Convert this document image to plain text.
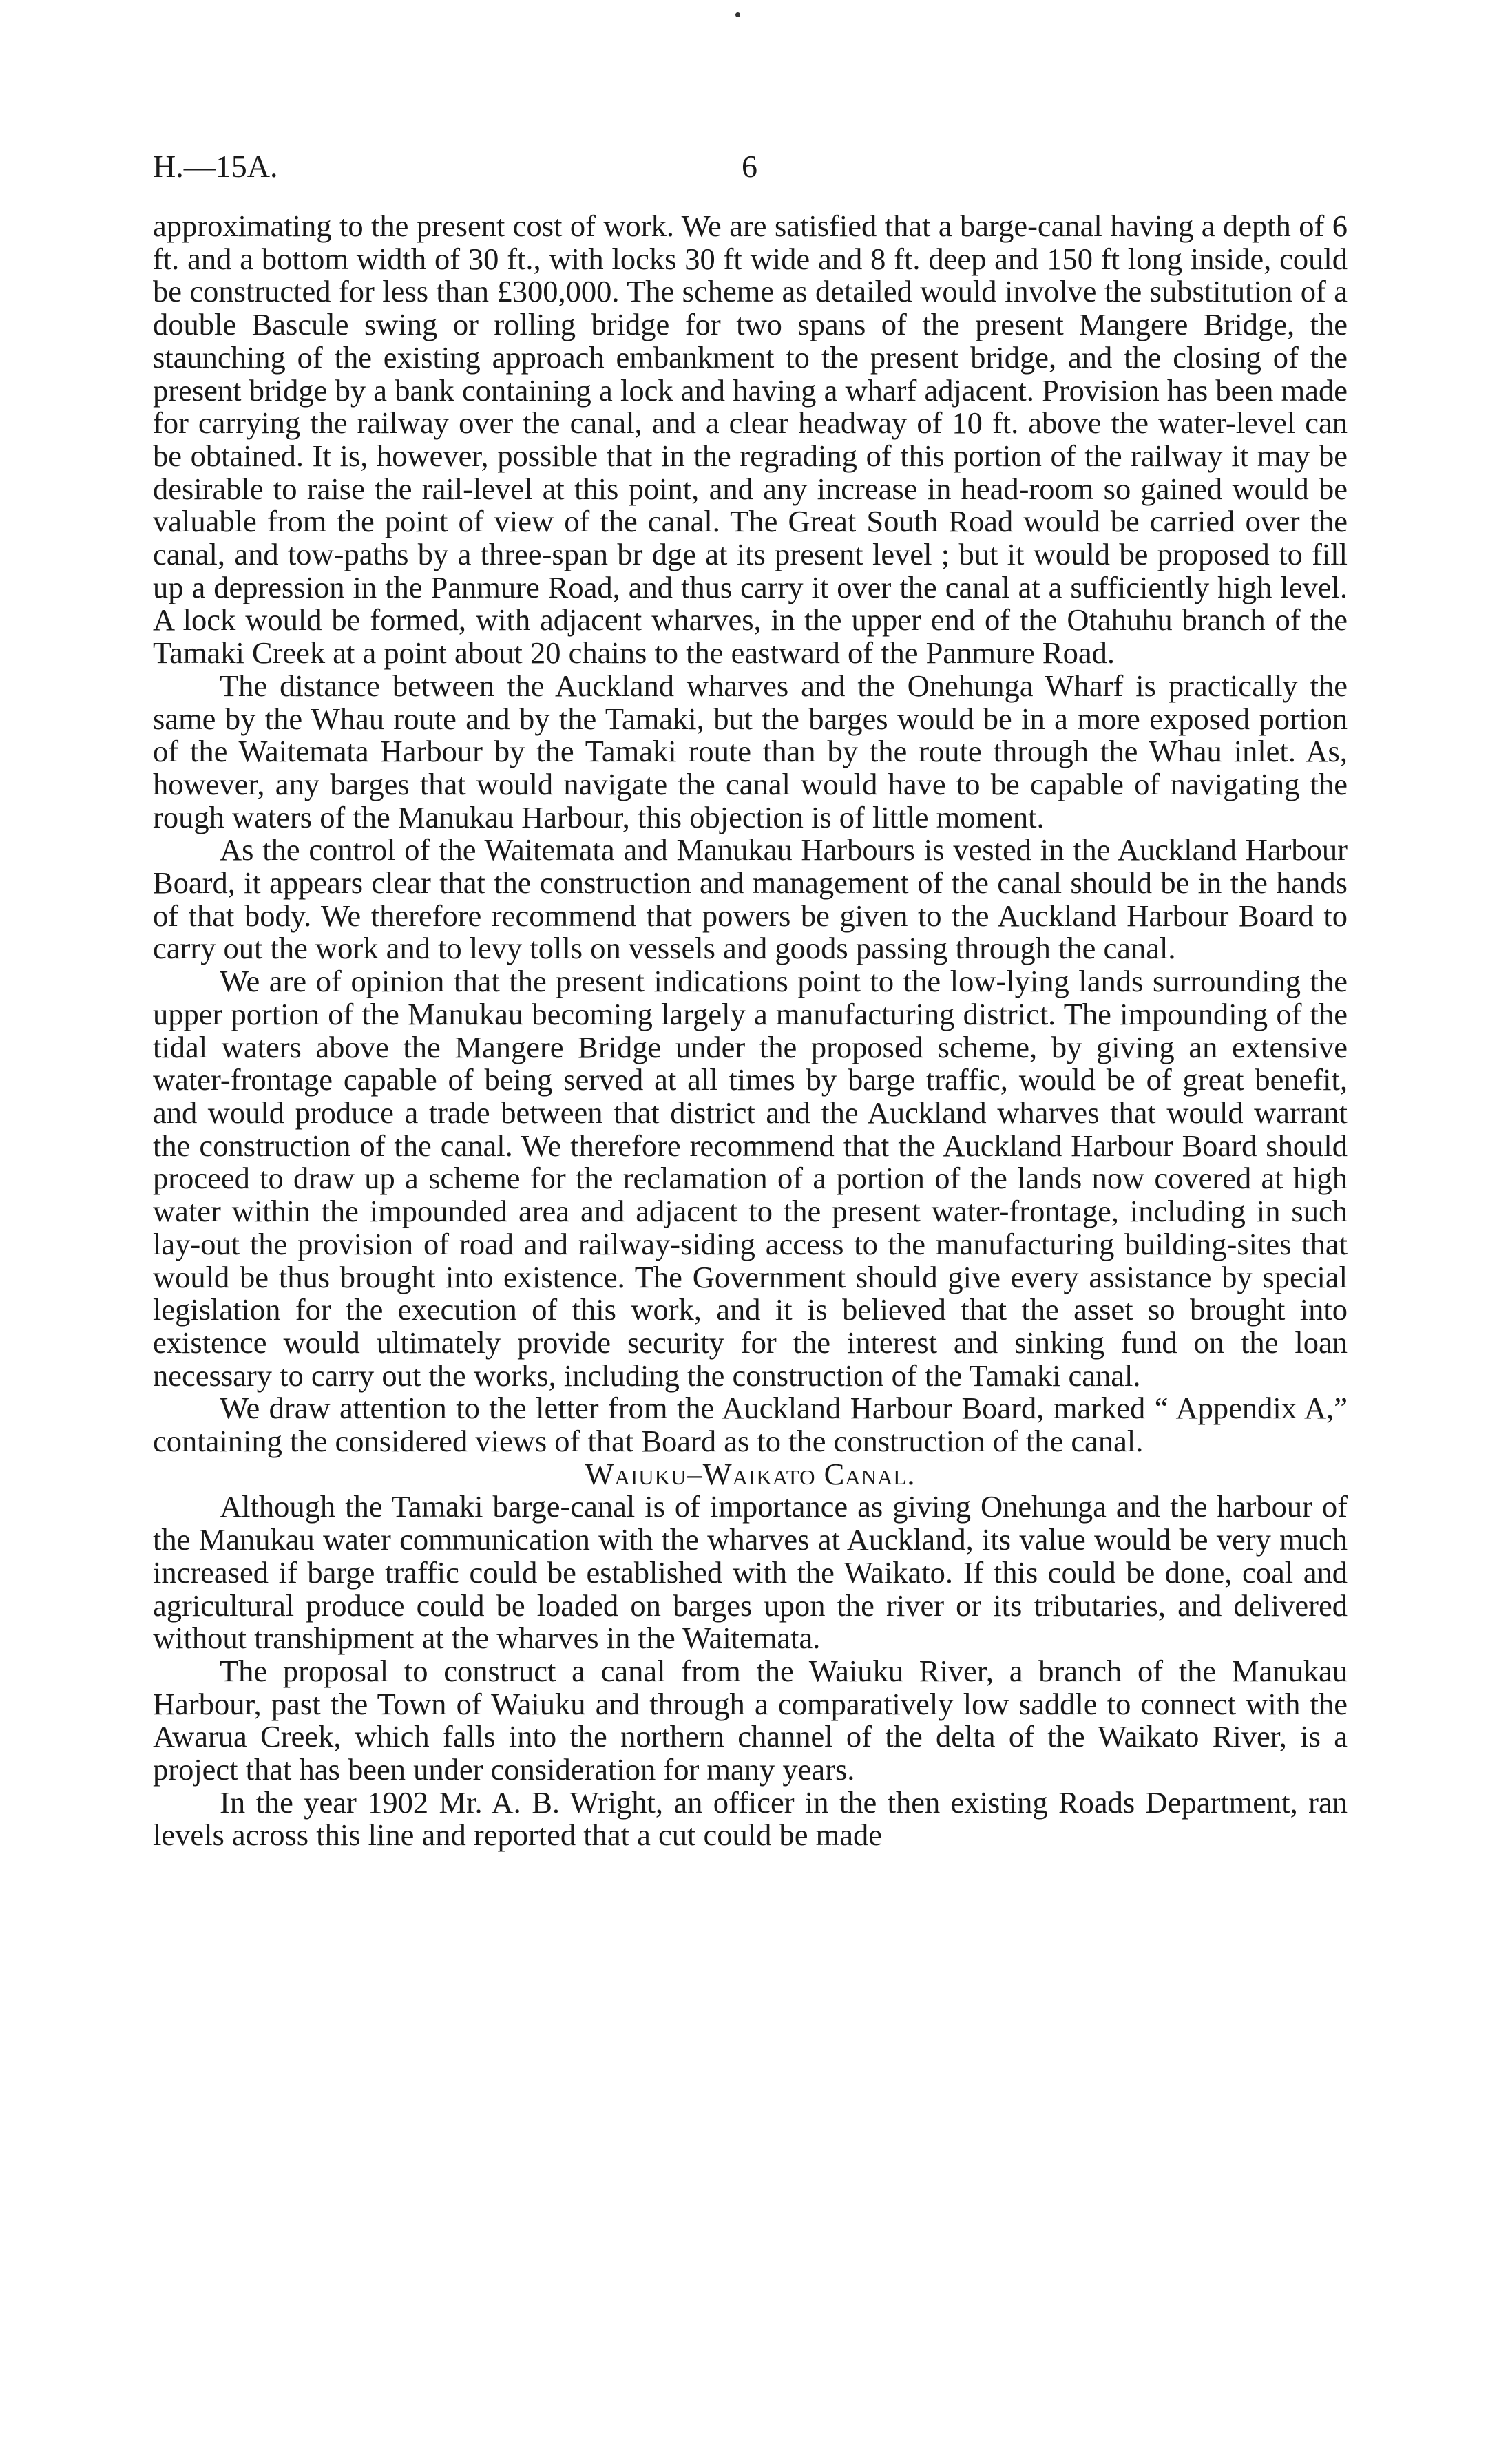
H.—15A.	6

approximating to the present cost of work. We are satisfied that a barge-canal having a depth of 6 ft. and a bottom width of 30 ft., with locks 30 ft wide and 8 ft. deep and 150 ft long inside, could be constructed for less than £300,000. The scheme as detailed would involve the substitution of a double Bascule swing or rolling bridge for two spans of the present Mangere Bridge, the staunching of the existing approach embankment to the present bridge, and the closing of the present bridge by a bank containing a lock and having a wharf adjacent. Provision has been made for carrying the railway over the canal, and a clear headway of 10 ft. above the water-level can be obtained. It is, however, possible that in the regrading of this portion of the railway it may be desirable to raise the rail-level at this point, and any increase in head-room so gained would be valuable from the point of view of the canal. The Great South Road would be carried over the canal, and tow-paths by a three-span br dge at its present level ; but it would be proposed to fill up a depression in the Panmure Road, and thus carry it over the canal at a sufficiently high level. A lock would be formed, with adjacent wharves, in the upper end of the Otahuhu branch of the Tamaki Creek at a point about 20 chains to the eastward of the Panmure Road.

The distance between the Auckland wharves and the Onehunga Wharf is practically the same by the Whau route and by the Tamaki, but the barges would be in a more exposed portion of the Waitemata Harbour by the Tamaki route than by the route through the Whau inlet. As, however, any barges that would navigate the canal would have to be capable of navigating the rough waters of the Manukau Harbour, this objection is of little moment.

As the control of the Waitemata and Manukau Harbours is vested in the Auckland Harbour Board, it appears clear that the construction and management of the canal should be in the hands of that body. We therefore recommend that powers be given to the Auckland Harbour Board to carry out the work and to levy tolls on vessels and goods passing through the canal.

We are of opinion that the present indications point to the low-lying lands surrounding the upper portion of the Manukau becoming largely a manufacturing district. The impounding of the tidal waters above the Mangere Bridge under the proposed scheme, by giving an extensive water-frontage capable of being served at all times by barge traffic, would be of great benefit, and would produce a trade between that district and the Auckland wharves that would warrant the construction of the canal. We therefore recommend that the Auckland Harbour Board should proceed to draw up a scheme for the reclamation of a portion of the lands now covered at high water within the impounded area and adjacent to the present water-frontage, including in such lay-out the provision of road and railway-siding access to the manufacturing building-sites that would be thus brought into existence. The Government should give every assistance by special legislation for the execution of this work, and it is believed that the asset so brought into existence would ultimately provide security for the interest and sinking fund on the loan necessary to carry out the works, including the construction of the Tamaki canal.

We draw attention to the letter from the Auckland Harbour Board, marked “ Appendix A,” containing the considered views of that Board as to the construction of the canal.

Waiuku–Waikato Canal.

Although the Tamaki barge-canal is of importance as giving Onehunga and the harbour of the Manukau water communication with the wharves at Auckland, its value would be very much increased if barge traffic could be established with the Waikato. If this could be done, coal and agricultural produce could be loaded on barges upon the river or its tributaries, and delivered without transhipment at the wharves in the Waitemata.

The proposal to construct a canal from the Waiuku River, a branch of the Manukau Harbour, past the Town of Waiuku and through a comparatively low saddle to connect with the Awarua Creek, which falls into the northern channel of the delta of the Waikato River, is a project that has been under consideration for many years.

In the year 1902 Mr. A. B. Wright, an officer in the then existing Roads Department, ran levels across this line and reported that a cut could be made
